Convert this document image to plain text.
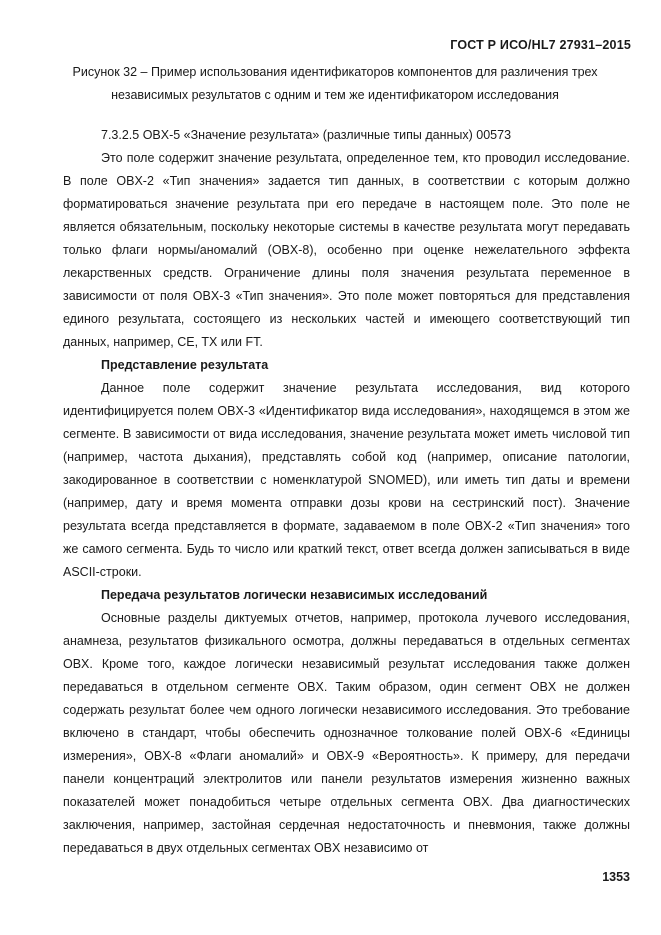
ГОСТ Р ИСО/HL7 27931–2015
Рисунок 32 – Пример использования идентификаторов компонентов для различения трех независимых результатов с одним и тем же идентификатором исследования

7.3.2.5 OBX-5 «Значение результата» (различные типы данных) 00573

Это поле содержит значение результата, определенное тем, кто проводил исследование. В поле OBX-2 «Тип значения» задается тип данных, в соответствии с которым должно форматироваться значение результата при его передаче в настоящем поле. Это поле не является обязательным, поскольку некоторые системы в качестве результата могут передавать только флаги нормы/аномалий (OBX-8), особенно при оценке нежелательного эффекта лекарственных средств. Ограничение длины поля значения результата переменное в зависимости от поля OBX-3 «Тип значения». Это поле может повторяться для представления единого результата, состоящего из нескольких частей и имеющего соответствующий тип данных, например, CE, TX или FT.

Представление результата

Данное поле содержит значение результата исследования, вид которого идентифицируется полем OBX-3 «Идентификатор вида исследования», находящемся в этом же сегменте. В зависимости от вида исследования, значение результата может иметь числовой тип (например, частота дыхания), представлять собой код (например, описание патологии, закодированное в соответствии с номенклатурой SNOMED), или иметь тип даты и времени (например, дату и время момента отправки дозы крови на сестринский пост). Значение результата всегда представляется в формате, задаваемом в поле OBX-2 «Тип значения» того же самого сегмента. Будь то число или краткий текст, ответ всегда должен записываться в виде ASCII-строки.

Передача результатов логически независимых исследований

Основные разделы диктуемых отчетов, например, протокола лучевого исследования, анамнеза, результатов физикального осмотра, должны передаваться в отдельных сегментах OBX. Кроме того, каждое логически независимый результат исследования также должен передаваться в отдельном сегменте OBX. Таким образом, один сегмент OBX не должен содержать результат более чем одного логически независимого исследования. Это требование включено в стандарт, чтобы обеспечить однозначное толкование полей OBX-6 «Единицы измерения», OBX-8 «Флаги аномалий» и OBX-9 «Вероятность». К примеру, для передачи панели концентраций электролитов или панели результатов измерения жизненно важных показателей может понадобиться четыре отдельных сегмента OBX. Два диагностических заключения, например, застойная сердечная недостаточность и пневмония, также должны передаваться в двух отдельных сегментах OBX независимо от

1353
